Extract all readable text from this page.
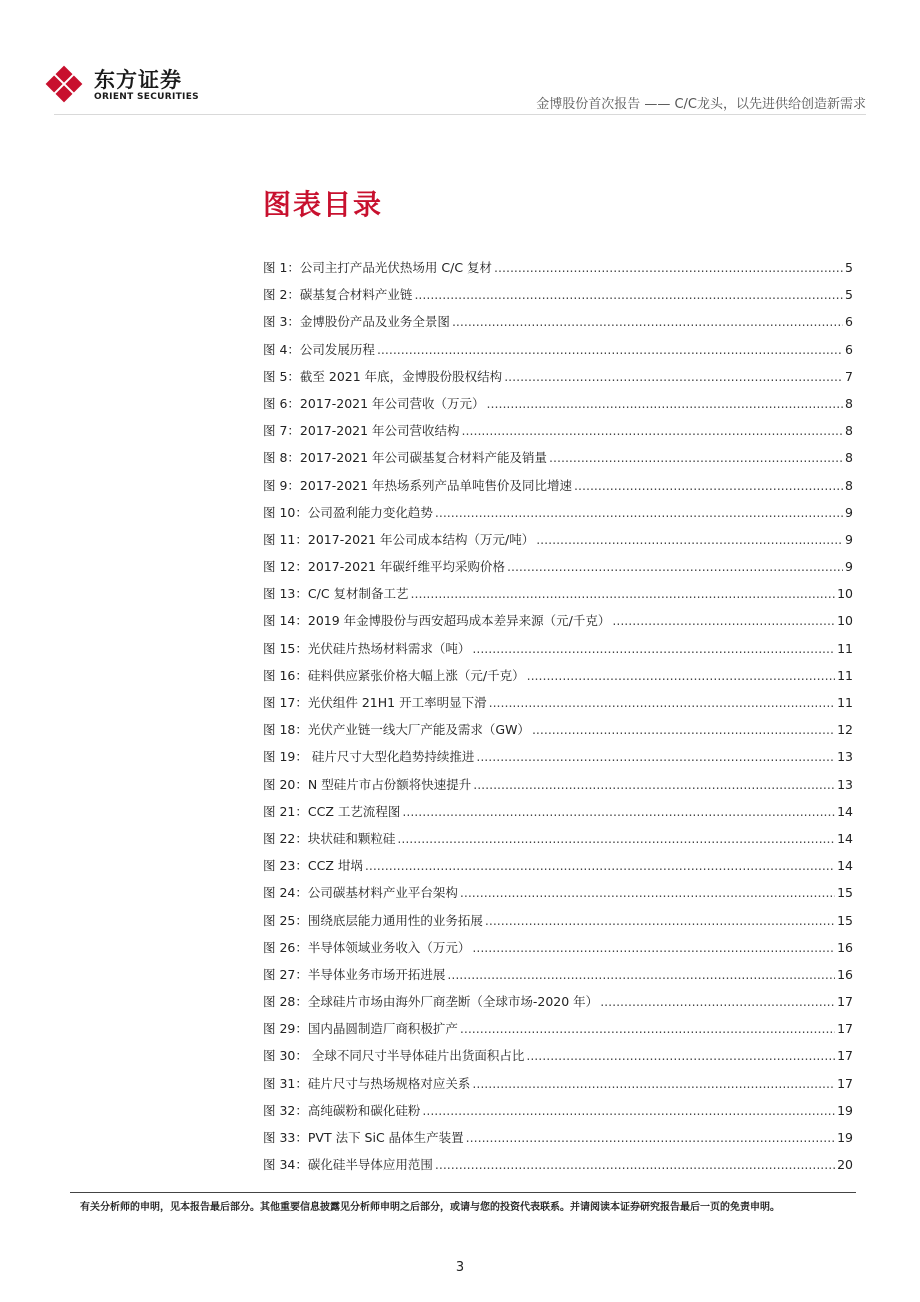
东方证券
ORIENT SECURITIES	金博股份首次报告 —— C/C龙头，以先进供给创造新需求
图表目录
图 1：公司主打产品光伏热场用 C/C 复材 .....	5
图 2：碳基复合材料产业链 .....	5
图 3：金博股份产品及业务全景图 .....	6
图 4：公司发展历程 .....	6
图 5：截至 2021 年底，金博股份股权结构 .....	7
图 6：2017-2021 年公司营收（万元） .....	8
图 7：2017-2021 年公司营收结构 .....	8
图 8：2017-2021 年公司碳基复合材料产能及销量 .....	8
图 9：2017-2021 年热场系列产品单吨售价及同比增速 .....	8
图 10：公司盈利能力变化趋势 .....	9
图 11：2017-2021 年公司成本结构（万元/吨） .....	9
图 12：2017-2021 年碳纤维平均采购价格 .....	9
图 13：C/C 复材制备工艺 .....	10
图 14：2019 年金博股份与西安超玛成本差异来源（元/千克） .....	10
图 15：光伏硅片热场材料需求（吨） .....	11
图 16：硅料供应紧张价格大幅上涨（元/千克） .....	11
图 17：光伏组件 21H1 开工率明显下滑 .....	11
图 18：光伏产业链一线大厂产能及需求（GW） .....	12
图 19： 硅片尺寸大型化趋势持续推进 .....	13
图 20：N 型硅片市占份额将快速提升 .....	13
图 21：CCZ 工艺流程图 .....	14
图 22：块状硅和颗粒硅 .....	14
图 23：CCZ 坩埚 .....	14
图 24：公司碳基材料产业平台架构 .....	15
图 25：围绕底层能力通用性的业务拓展 .....	15
图 26：半导体领域业务收入（万元） .....	16
图 27：半导体业务市场开拓进展 .....	16
图 28：全球硅片市场由海外厂商垄断（全球市场-2020 年） .....	17
图 29：国内晶圆制造厂商积极扩产 .....	17
图 30： 全球不同尺寸半导体硅片出货面积占比 .....	17
图 31：硅片尺寸与热场规格对应关系 .....	17
图 32：高纯碳粉和碳化硅粉 .....	19
图 33：PVT 法下 SiC 晶体生产装置 .....	19
图 34：碳化硅半导体应用范围 .....	20
有关分析师的申明，见本报告最后部分。其他重要信息披露见分析师申明之后部分，或请与您的投资代表联系。并请阅读本证券研究报告最后一页的免责申明。
3
